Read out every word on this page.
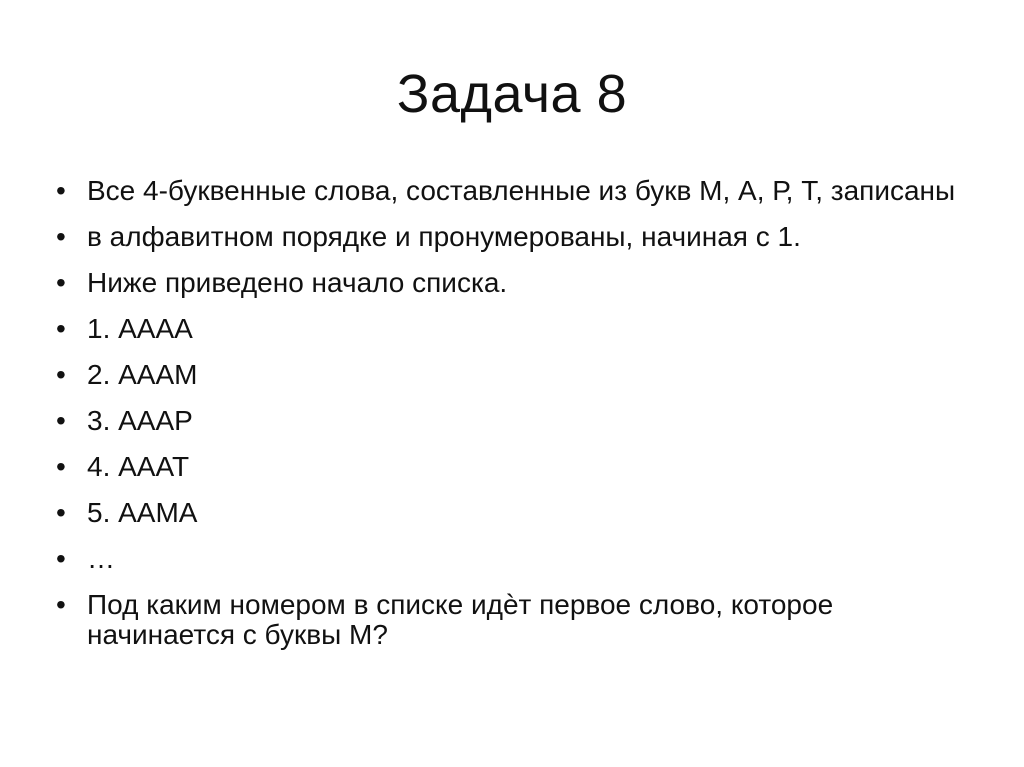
Задача 8
• Все 4-буквенные слова, составленные из букв М, А, Р, Т, записаны
• в алфавитном порядке и пронумерованы, начиная с 1.
• Ниже приведено начало списка.
• 1. АААА
• 2. АААМ
• 3. АААР
• 4. АААТ
• 5. ААМА
• …
• Под каким номером в списке идѐт первое слово, которое начинается с буквы М?
